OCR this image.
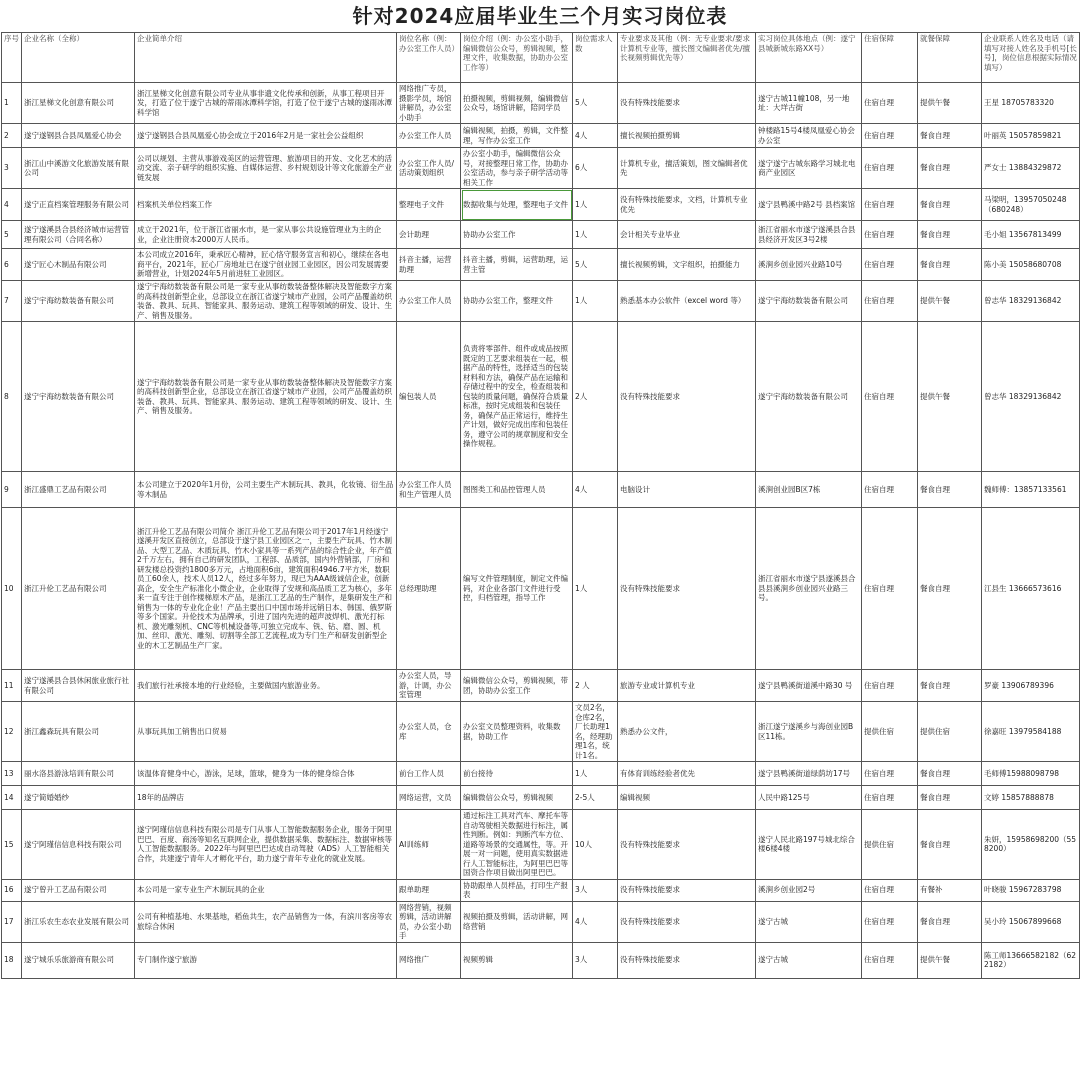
针对2024应届毕业生三个月实习岗位表
序号	企业名称（全称）	企业简单介绍	岗位名称（例：办公室工作人员）	岗位介绍（例：办公室小助手，编辑微信公众号，剪辑视频，整理文件，收集数据，协助办公室工作等）	岗位需求人数	专业要求及其他（例：无专业要求/要求计算机专业等，擅长图文编辑者优先/擅长视频剪辑优先等）	实习岗位具体地点（例：遂宁县城新城东路XX号）	住宿保障	就餐保障	企业联系人姓名及电话（请填写对接人姓名及手机号[长号]，岗位信息根据实际情况填写）
1	浙江星梯文化创意有限公司	浙江星梯文化创意有限公司专业从事非遗文化传承和创新，从事工程项目开发，打造了位于遂宁古城的蒂雨冰潭科学馆，打造了位于遂宁古城的遂雨冰潭科学馆	网络推广专员，摄影学员，场馆讲解员，办公室小助手	拍摄视频，剪辑视频，编辑微信公众号，场馆讲解，陪同学员	5人	没有特殊技能要求	遂宁古城11幢108，另一地址：大垟古街	住宿自理	提供午餐	王星 18705783320
2	遂宁遂钢县合县凤凰爱心协会	遂宁遂钢县合县凤凰爱心协会成立于2016年2月是一家社会公益组织	办公室工作人员	编辑视频，拍摄，剪辑，文件整理，写作办公室工作	4人	擅长视频拍摄剪辑	钟楼路15号4楼凤凰爱心协会办公室	住宿自理	餐食自理	叶丽英 15057859821
3	浙江山中溪游文化旅游发展有限公司	公司以规划、主营从事游戏美区的运营管理、旅游项目的开发、文化艺术的活动交流、亲子研学的组织实施、自媒体运营、乡村规划设计等文化旅游全产业链发展	办公室工作人员/活动策划组织	办公室小助手，编辑微信公众号，对接整理日常工作，协助办公室活动，参与亲子研学活动等相关工作	6人	计算机专业，擅活策划，图文编辑者优先	遂宁遂宁古城东路学习城北电商产业园区	住宿自理	餐食自理	严女士 13884329872
4	遂宁正直档案管理服务有限公司	档案机关单位档案工作	整理电子文件	数据收集与处理，整理电子文件	1人	没有特殊技能要求，文档，计算机专业优先	遂宁县鸭溪中路2号 县档案馆	住宿自理	餐食自理	马梁明，13957050248（680248）
5	遂宁遂溪县合县经济城市运营管理有限公司（合同名称）	成立于2021年，位于浙江省丽水市，是一家从事公共设施管理业为主的企业，企业注册资本2000万人民币。	会计助理	协助办公室工作	1人	会计相关专业毕业	浙江省丽水市遂宁遂溪县合县县经济开发区3号2楼	住宿自理	餐食自理	毛小姐 13567813499
6	遂宁匠心木制品有限公司	本公司成立2016年，秉承匠心精神，匠心恪守服务宣言和初心，继续在各电商平台，2021年，匠心厂房地址已在遂宁创业园工业园区，因公司发展需要新增营业，计划2024年5月前进驻工业园区。	抖音主播，运营助理	抖音主播，剪辑，运营助理，运营主管	5人	擅长视频剪辑，文字组织，拍摄能力	溪涧乡创业园兴业路10号	住宿自理	餐食自理	陈小美 15058680708
7	遂宁宇海纺数装备有限公司	遂宁宇海纺数装备有限公司是一家专业从事纺数装备整体解决及智能数字方案的高科技创新型企业，总部设立在浙江省遂宁城市产业园，公司产品覆盖纺织装备、教具、玩具、智能家具、服务运动、建筑工程等领域的研发、设计、生产、销售及服务。	办公室工作人员	协助办公室工作，整理文件	1人	熟悉基本办公软件（excel word 等）	遂宁宇海纺数装备有限公司	住宿自理	提供午餐	曾志华 18329136842
8	遂宁宇海纺数装备有限公司	遂宁宇海纺数装备有限公司是一家专业从事纺数装备整体解决及智能数字方案的高科技创新型企业，总部设立在浙江省遂宁城市产业园，公司产品覆盖纺织装备、教具、玩具、智能家具、服务运动、建筑工程等领域的研发、设计、生产、销售及服务。	编包装人员	负责将零部件、组件或成品按照既定的工艺要求组装在一起，根据产品的特性，选择适当的包装材料和方法，确保产品在运输和存储过程中的安全，检查组装和包装的质量问题，确保符合质量标准，按时完成组装和包装任务，确保产品正常运行，维持生产计划，做好完成出库和包装任务，遵守公司的规章制度和安全操作规程。	2人	没有特殊技能要求	遂宁宇海纺数装备有限公司	住宿自理	提供午餐	曾志华 18329136842
9	浙江盛鼎工艺品有限公司	本公司建立于2020年1月份，公司主要生产木制玩具、教具，化妆镜、衍生品等木制品	办公室工作人员和生产管理人员	图图类工和品控管理人员	4人	电脑设计	溪涧创业园B区7栋	住宿自理	餐食自理	魏师傅：13857133561
10	浙江升伦工艺品有限公司	浙江升伦工艺品有限公司简介 浙江升伦工艺品有限公司于2017年1月经遂宁遂溪开发区直接创立，总部设于遂宁县工业园区之一，主要生产玩具、竹木制品、大型工艺品、木质玩具、竹木小家具等一系列产品的综合性企业，年产值2千万左右，拥有自己的研发团队，工程部、品质部，国内外营销部，厂房和研发楼总投资约1800多万元，占地面积6亩，建筑面积4946.7平方米，数职员工60余人，技术人员12人，经过多年努力，现已为AAA级诚信企业，创新高企，安全生产标准化小微企业，企业取得了安规和高品质工艺为核心，多年来一直专注于创作楼梯原木产品，是浙江工艺品的生产制作，是集研发生产和销售为一体的专业化企业！产品主要出口中国市场并远销日本、韩国、俄罗斯等多个国家。升伦技术为品牌承，引进了国内先进的超声波焊机、激光打标机、激光雕刻机、CNC等机械设备等,可独立完成车、铣、钻、磨、圆、机加、丝印、激光、雕刻、切割等全部工艺流程,成为专门生产和研发创新型企业的木工艺制品生产厂家。	总经理助理	编写文件管理制度，制定文件编码，对企业各部门文件进行受控，归档管理，指导工作	1人	没有特殊技能要求	浙江省丽水市遂宁县遂溪县合县县溪涧乡创业园兴业路三号。	住宿自理	餐食自理	江县生 13666573616
11	遂宁遂溪县合县休闲旅业旅行社有限公司	我们旅行社承接本地的行业经验，主要做国内旅游业务。	办公室人员，导游，计调，办公室管理	编辑微信公众号，剪辑视频，带团，协助办公室工作	2 人	旅游专业或计算机专业	遂宁县鸭溪街道溪中路30 号	住宿自理	餐食自理	罗豪 13906789396
12	浙江鑫森玩具有限公司	从事玩具加工销售出口贸易	办公室人员，仓库	办公室文员整理资料，收集数据，协助工作	文员2名，仓库2名，厂长助理1名，经理助理1名，统计1名。	熟悉办公文件，	浙江遂宁遂溪乡与海创业园B区11栋。	提供住宿	提供住宿	徐嘉旺 13979584188
13	丽水洛县游泳培训有限公司	该温体育健身中心，游泳，足球，篮球，健身为一体的健身综合体	前台工作人员	前台接待	1人	有体育训练经验者优先	遂宁县鸭溪街道绿荫坊17号	住宿自理	餐食自理	毛师傅15988098798
14	遂宁简婚婚纱	18年的品牌店	网络运营，文员	编辑微信公众号，剪辑视频	2-5人	编辑视频	人民中路125号	住宿自理	餐食自理	文婷 15857888878
15	遂宁阿瑾信信息科技有限公司	遂宁阿瑾信信息科技有限公司是专门从事人工智能数据服务企业，服务于阿里巴巴、百度、商汤等知名互联网企业，提供数据采集、数据标注、数据审核等人工智能数据服务。2022年与阿里巴巴达成自动驾驶（ADS）人工智能相关合作，共建遂宁青年人才孵化平台，助力遂宁青年专业化的就业发展。	AI训练师	通过标注工具对汽车、摩托车等自动驾驶相关数据进行标注，属性判断。例如：判断汽车方位、道路等场景的交通属性，等。开展一对一问题，使用真实数据进行人工智能标注，为阿里巴巴等国资合作项目做出阿里巴巴。	10人	没有特殊技能要求	遂宁人民北路197号城北综合楼6楼4楼	提供住宿	餐食自理	朱妍，15958698200（558200）
16	遂宁曾升工艺品有限公司	本公司是一家专业生产木制玩具的企业	跟单助理	协助跟单人员样品，打印生产报表	3人	没有特殊技能要求	溪涧乡创业园2号	住宿自理	有餐补	叶晓骏 15967283798
17	浙江乐农生态农业发展有限公司	公司有种植基地、水果基地，稻鱼共生，农产品销售为一体，有滨川客房等农旅综合休闲	网络营销，视频剪辑，活动讲解员，办公室小助手	视频拍摄及剪辑，活动讲解，网络营销	4人	没有特殊技能要求	遂宁古城	住宿自理	餐食自理	吴小玲 15067899668
18	遂宁城乐乐旅游商有限公司	专门制作遂宁旅游	网络推广	视频剪辑	3人	没有特殊技能要求	遂宁古城	住宿自理	提供午餐	陈工师13666582182（622182）
